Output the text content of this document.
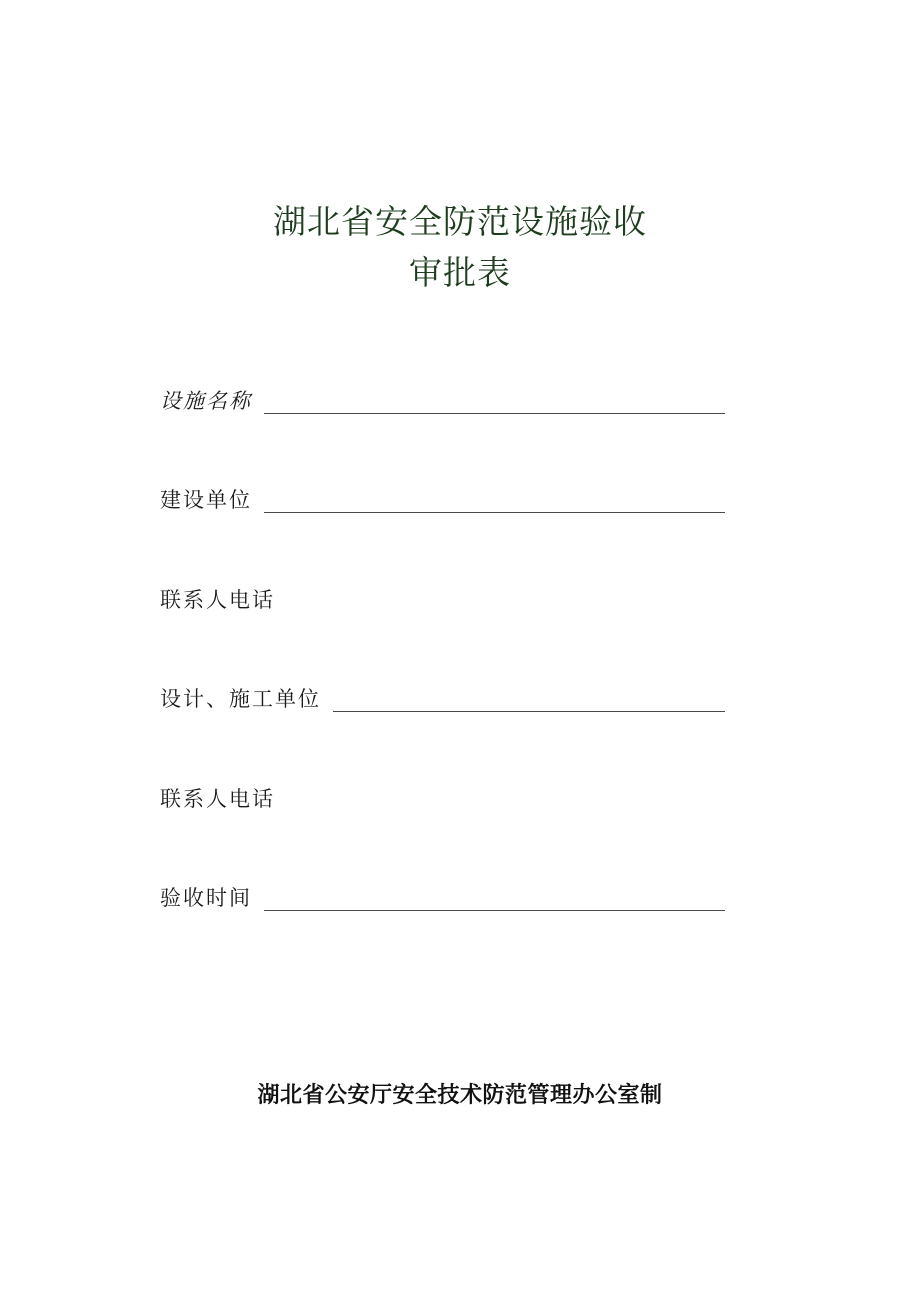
湖北省安全防范设施验收
审批表
设施名称
建设单位
联系人电话
设计、施工单位
联系人电话
验收时间
湖北省公安厅安全技术防范管理办公室制
